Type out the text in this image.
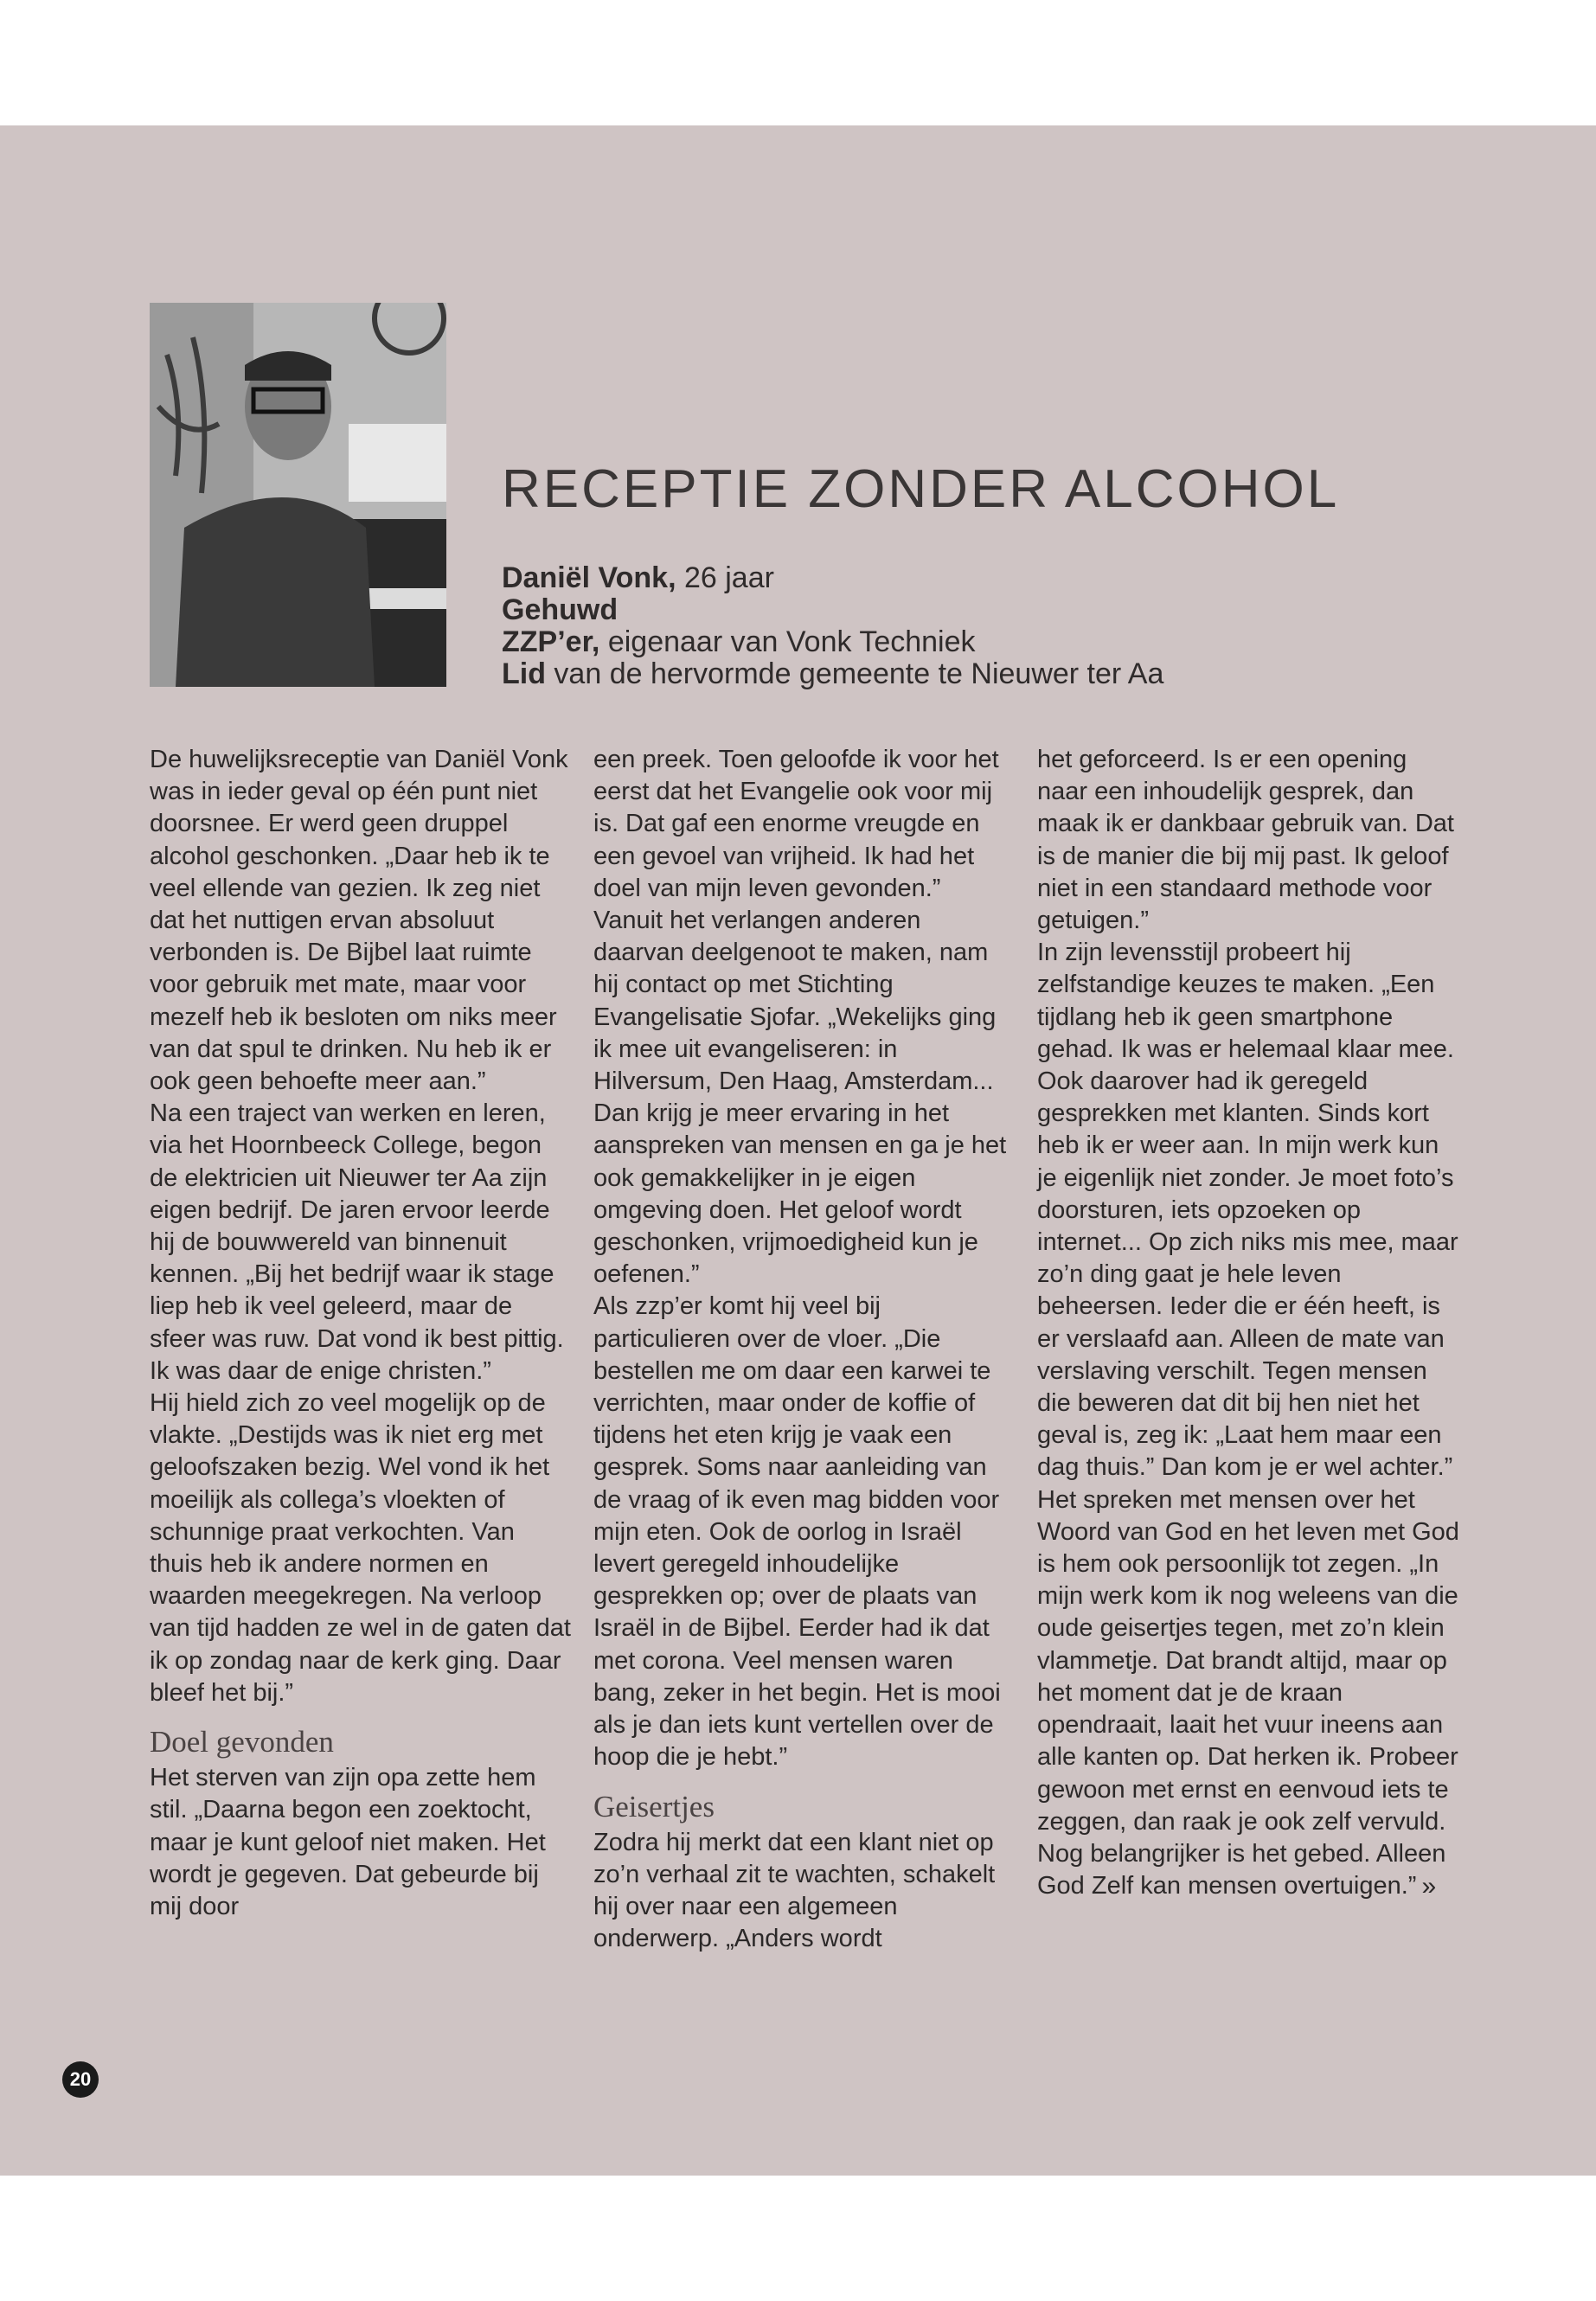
RECEPTIE ZONDER ALCOHOL
Daniël Vonk, 26 jaar
Gehuwd
ZZP’er, eigenaar van Vonk Techniek
Lid van de hervormde gemeente te Nieuwer ter Aa

De huwelijksreceptie van Daniël Vonk was in ieder geval op één punt niet doorsnee. Er werd geen druppel alcohol geschonken. „Daar heb ik te veel ellende van gezien. Ik zeg niet dat het nuttigen ervan absoluut verbonden is. De Bijbel laat ruimte voor gebruik met mate, maar voor mezelf heb ik besloten om niks meer van dat spul te drinken. Nu heb ik er ook geen behoefte meer aan.”

Na een traject van werken en leren, via het Hoornbeeck College, begon de elektricien uit Nieuwer ter Aa zijn eigen bedrijf. De jaren ervoor leerde hij de bouwwereld van binnenuit kennen. „Bij het bedrijf waar ik stage liep heb ik veel geleerd, maar de sfeer was ruw. Dat vond ik best pittig. Ik was daar de enige christen.”

Hij hield zich zo veel mogelijk op de vlakte. „Destijds was ik niet erg met geloofszaken bezig. Wel vond ik het moeilijk als collega’s vloekten of schunnige praat verkochten. Van thuis heb ik andere normen en waarden meegekregen. Na verloop van tijd hadden ze wel in de gaten dat ik op zondag naar de kerk ging. Daar bleef het bij.”

Doel gevonden

Het sterven van zijn opa zette hem stil. „Daarna begon een zoektocht, maar je kunt geloof niet maken. Het wordt je gegeven. Dat gebeurde bij mij door

een preek. Toen geloofde ik voor het eerst dat het Evangelie ook voor mij is. Dat gaf een enorme vreugde en een gevoel van vrijheid. Ik had het doel van mijn leven gevonden.”

Vanuit het verlangen anderen daarvan deelgenoot te maken, nam hij contact op met Stichting Evangelisatie Sjofar. „Wekelijks ging ik mee uit evangeliseren: in Hilversum, Den Haag, Amsterdam... Dan krijg je meer ervaring in het aanspreken van mensen en ga je het ook gemakkelijker in je eigen omgeving doen. Het geloof wordt geschonken, vrijmoedigheid kun je oefenen.”

Als zzp’er komt hij veel bij particulieren over de vloer. „Die bestellen me om daar een karwei te verrichten, maar onder de koffie of tijdens het eten krijg je vaak een gesprek. Soms naar aanleiding van de vraag of ik even mag bidden voor mijn eten. Ook de oorlog in Israël levert geregeld inhoudelijke gesprekken op; over de plaats van Israël in de Bijbel. Eerder had ik dat met corona. Veel mensen waren bang, zeker in het begin. Het is mooi als je dan iets kunt vertellen over de hoop die je hebt.”

Geisertjes

Zodra hij merkt dat een klant niet op zo’n verhaal zit te wachten, schakelt hij over naar een algemeen onderwerp. „Anders wordt

het geforceerd. Is er een opening naar een inhoudelijk gesprek, dan maak ik er dankbaar gebruik van. Dat is de manier die bij mij past. Ik geloof niet in een standaard methode voor getuigen.”

In zijn levensstijl probeert hij zelfstandige keuzes te maken. „Een tijdlang heb ik geen smartphone gehad. Ik was er helemaal klaar mee. Ook daarover had ik geregeld gesprekken met klanten. Sinds kort heb ik er weer aan. In mijn werk kun je eigenlijk niet zonder. Je moet foto’s doorsturen, iets opzoeken op internet... Op zich niks mis mee, maar zo’n ding gaat je hele leven beheersen. Ieder die er één heeft, is er verslaafd aan. Alleen de mate van verslaving verschilt. Tegen mensen die beweren dat dit bij hen niet het geval is, zeg ik: „Laat hem maar een dag thuis.” Dan kom je er wel achter.”

Het spreken met mensen over het Woord van God en het leven met God is hem ook persoonlijk tot zegen. „In mijn werk kom ik nog weleens van die oude geisertjes tegen, met zo’n klein vlammetje. Dat brandt altijd, maar op het moment dat je de kraan opendraait, laait het vuur ineens aan alle kanten op. Dat herken ik. Probeer gewoon met ernst en eenvoud iets te zeggen, dan raak je ook zelf vervuld. Nog belangrijker is het gebed. Alleen God Zelf kan mensen overtuigen.” »

20
